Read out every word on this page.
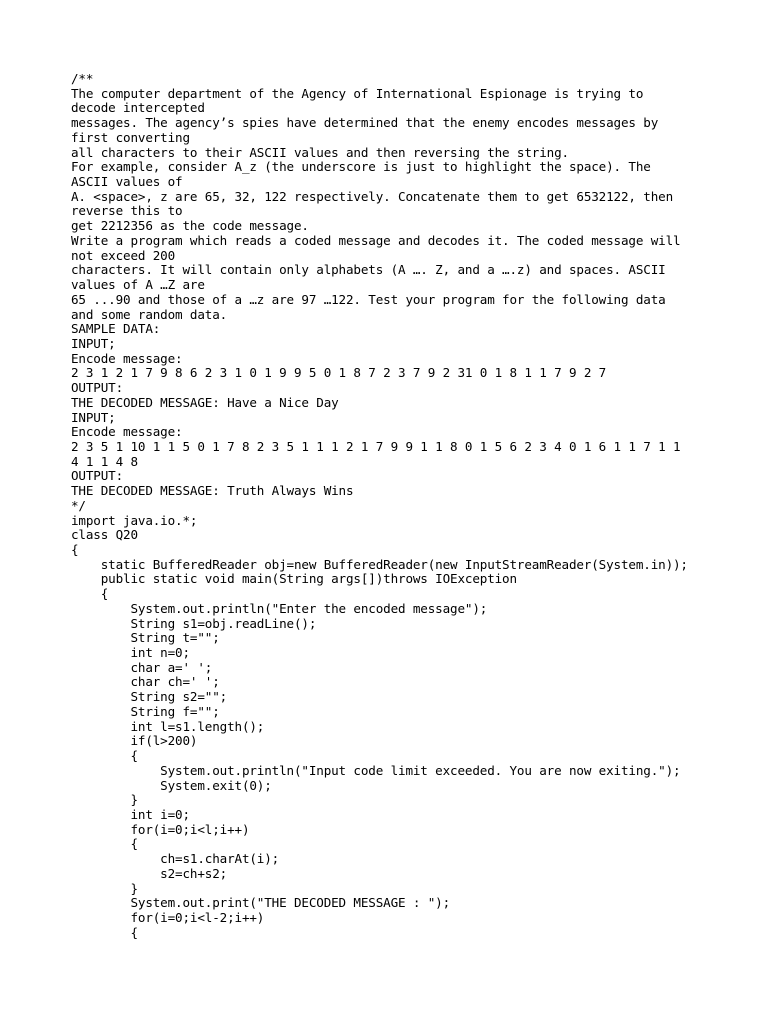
/**
The computer department of the Agency of International Espionage is trying to
decode intercepted
messages. The agency’s spies have determined that the enemy encodes messages by
first converting
all characters to their ASCII values and then reversing the string.
For example, consider A_z (the underscore is just to highlight the space). The
ASCII values of
A. <space>, z are 65, 32, 122 respectively. Concatenate them to get 6532122, then
reverse this to
get 2212356 as the code message.
Write a program which reads a coded message and decodes it. The coded message will
not exceed 200
characters. It will contain only alphabets (A …. Z, and a ….z) and spaces. ASCII
values of A …Z are
65 ...90 and those of a …z are 97 …122. Test your program for the following data
and some random data.
SAMPLE DATA:
INPUT;
Encode message:
2 3 1 2 1 7 9 8 6 2 3 1 0 1 9 9 5 0 1 8 7 2 3 7 9 2 31 0 1 8 1 1 7 9 2 7
OUTPUT:
THE DECODED MESSAGE: Have a Nice Day
INPUT;
Encode message:
2 3 5 1 10 1 1 5 0 1 7 8 2 3 5 1 1 1 2 1 7 9 9 1 1 8 0 1 5 6 2 3 4 0 1 6 1 1 7 1 1
4 1 1 4 8
OUTPUT:
THE DECODED MESSAGE: Truth Always Wins
*/
import java.io.*;
class Q20
{
static BufferedReader obj=new BufferedReader(new InputStreamReader(System.in));
public static void main(String args[])throws IOException
{
System.out.println("Enter the encoded message");
String s1=obj.readLine();
String t="";
int n=0;
char a=' ';
char ch=' ';
String s2="";
String f="";
int l=s1.length();
if(l>200)
{
System.out.println("Input code limit exceeded. You are now exiting.");
System.exit(0);
}
int i=0;
for(i=0;i<l;i++)
{
ch=s1.charAt(i);
s2=ch+s2;
}
System.out.print("THE DECODED MESSAGE : ");
for(i=0;i<l-2;i++)
{
